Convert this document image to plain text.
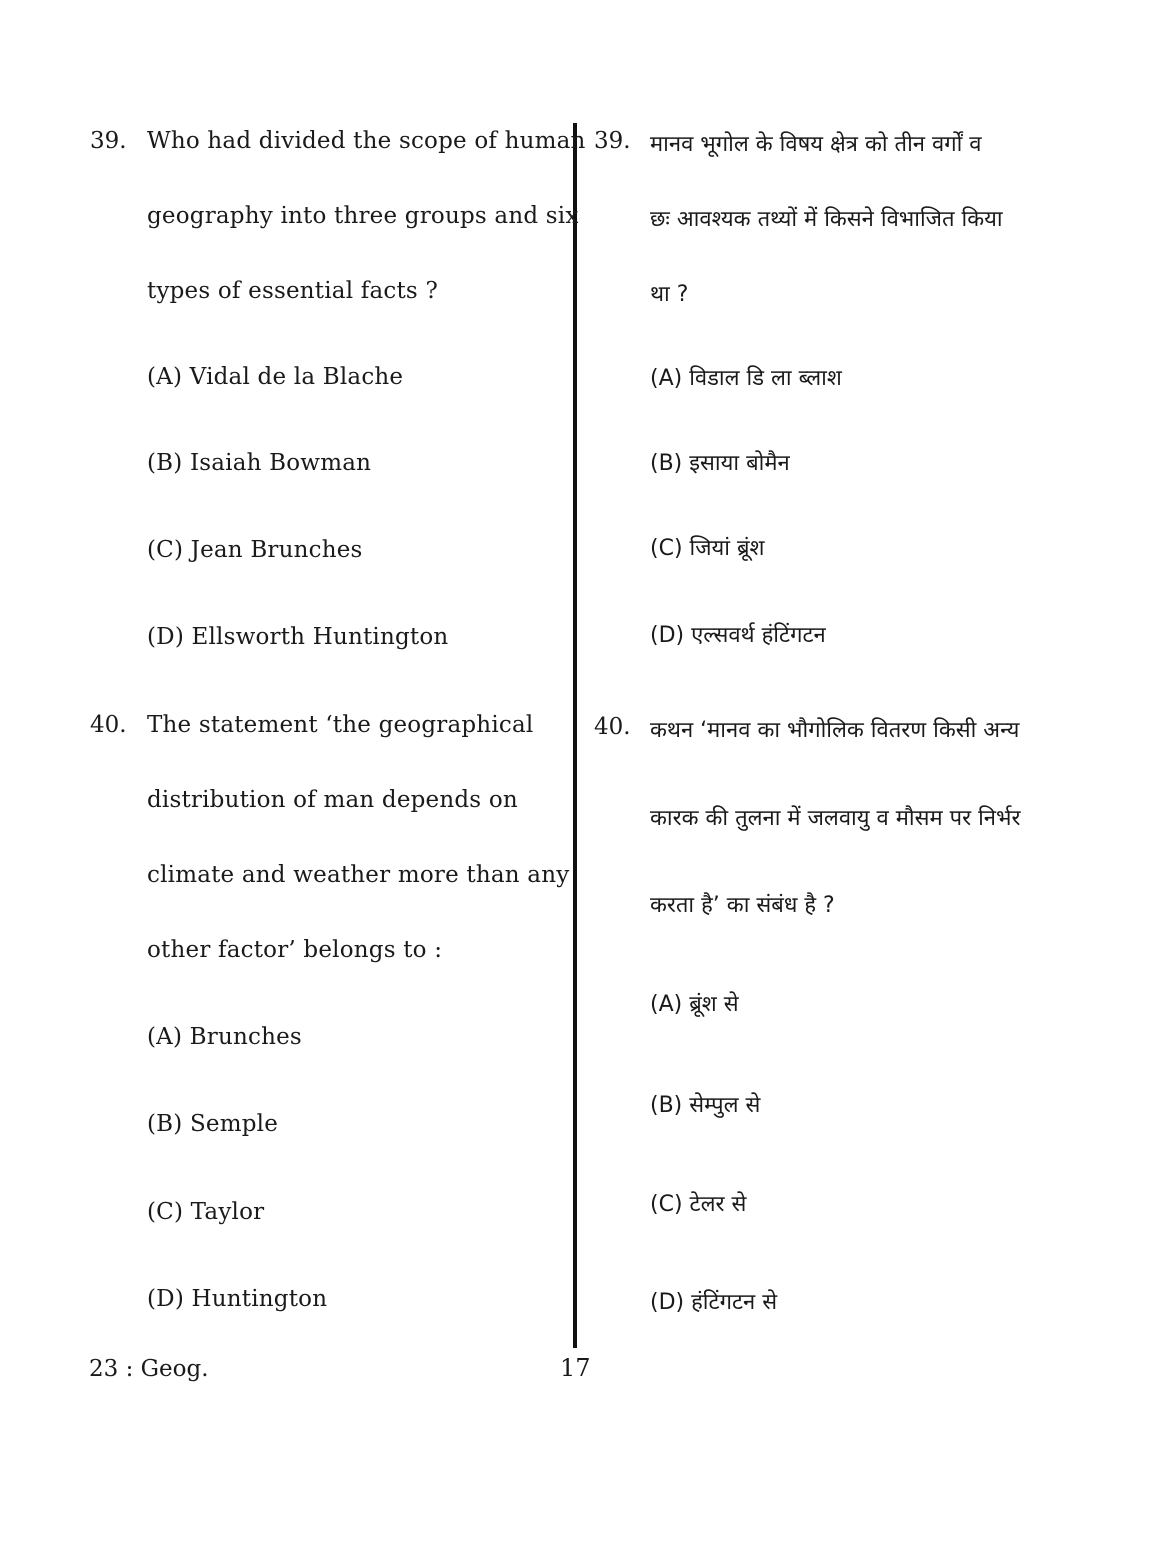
39. Who had divided the scope of human
geography into three groups and six
types of essential facts ?
(A) Vidal de la Blache
(B) Isaiah Bowman
(C) Jean Brunches
(D) Ellsworth Huntington
40. The statement ‘the geographical
distribution of man depends on
climate and weather more than any
other factor’ belongs to :
(A) Brunches
(B) Semple
(C) Taylor
(D) Huntington
39. मानव भूगोल के विषय क्षेत्र को तीन वर्गों व
छः आवश्यक तथ्यों में किसने विभाजित किया
था ?
(A) विडाल डि ला ब्लाश
(B) इसाया बोमैन
(C) जियां ब्रूंश
(D) एल्सवर्थ हंटिंगटन
40. कथन ‘मानव का भौगोलिक वितरण किसी अन्य
कारक की तुलना में जलवायु व मौसम पर निर्भर
करता है’ का संबंध है ?
(A) ब्रूंश से
(B) सेम्पुल से
(C) टेलर से
(D) हंटिंगटन से
23 : Geog.	17
